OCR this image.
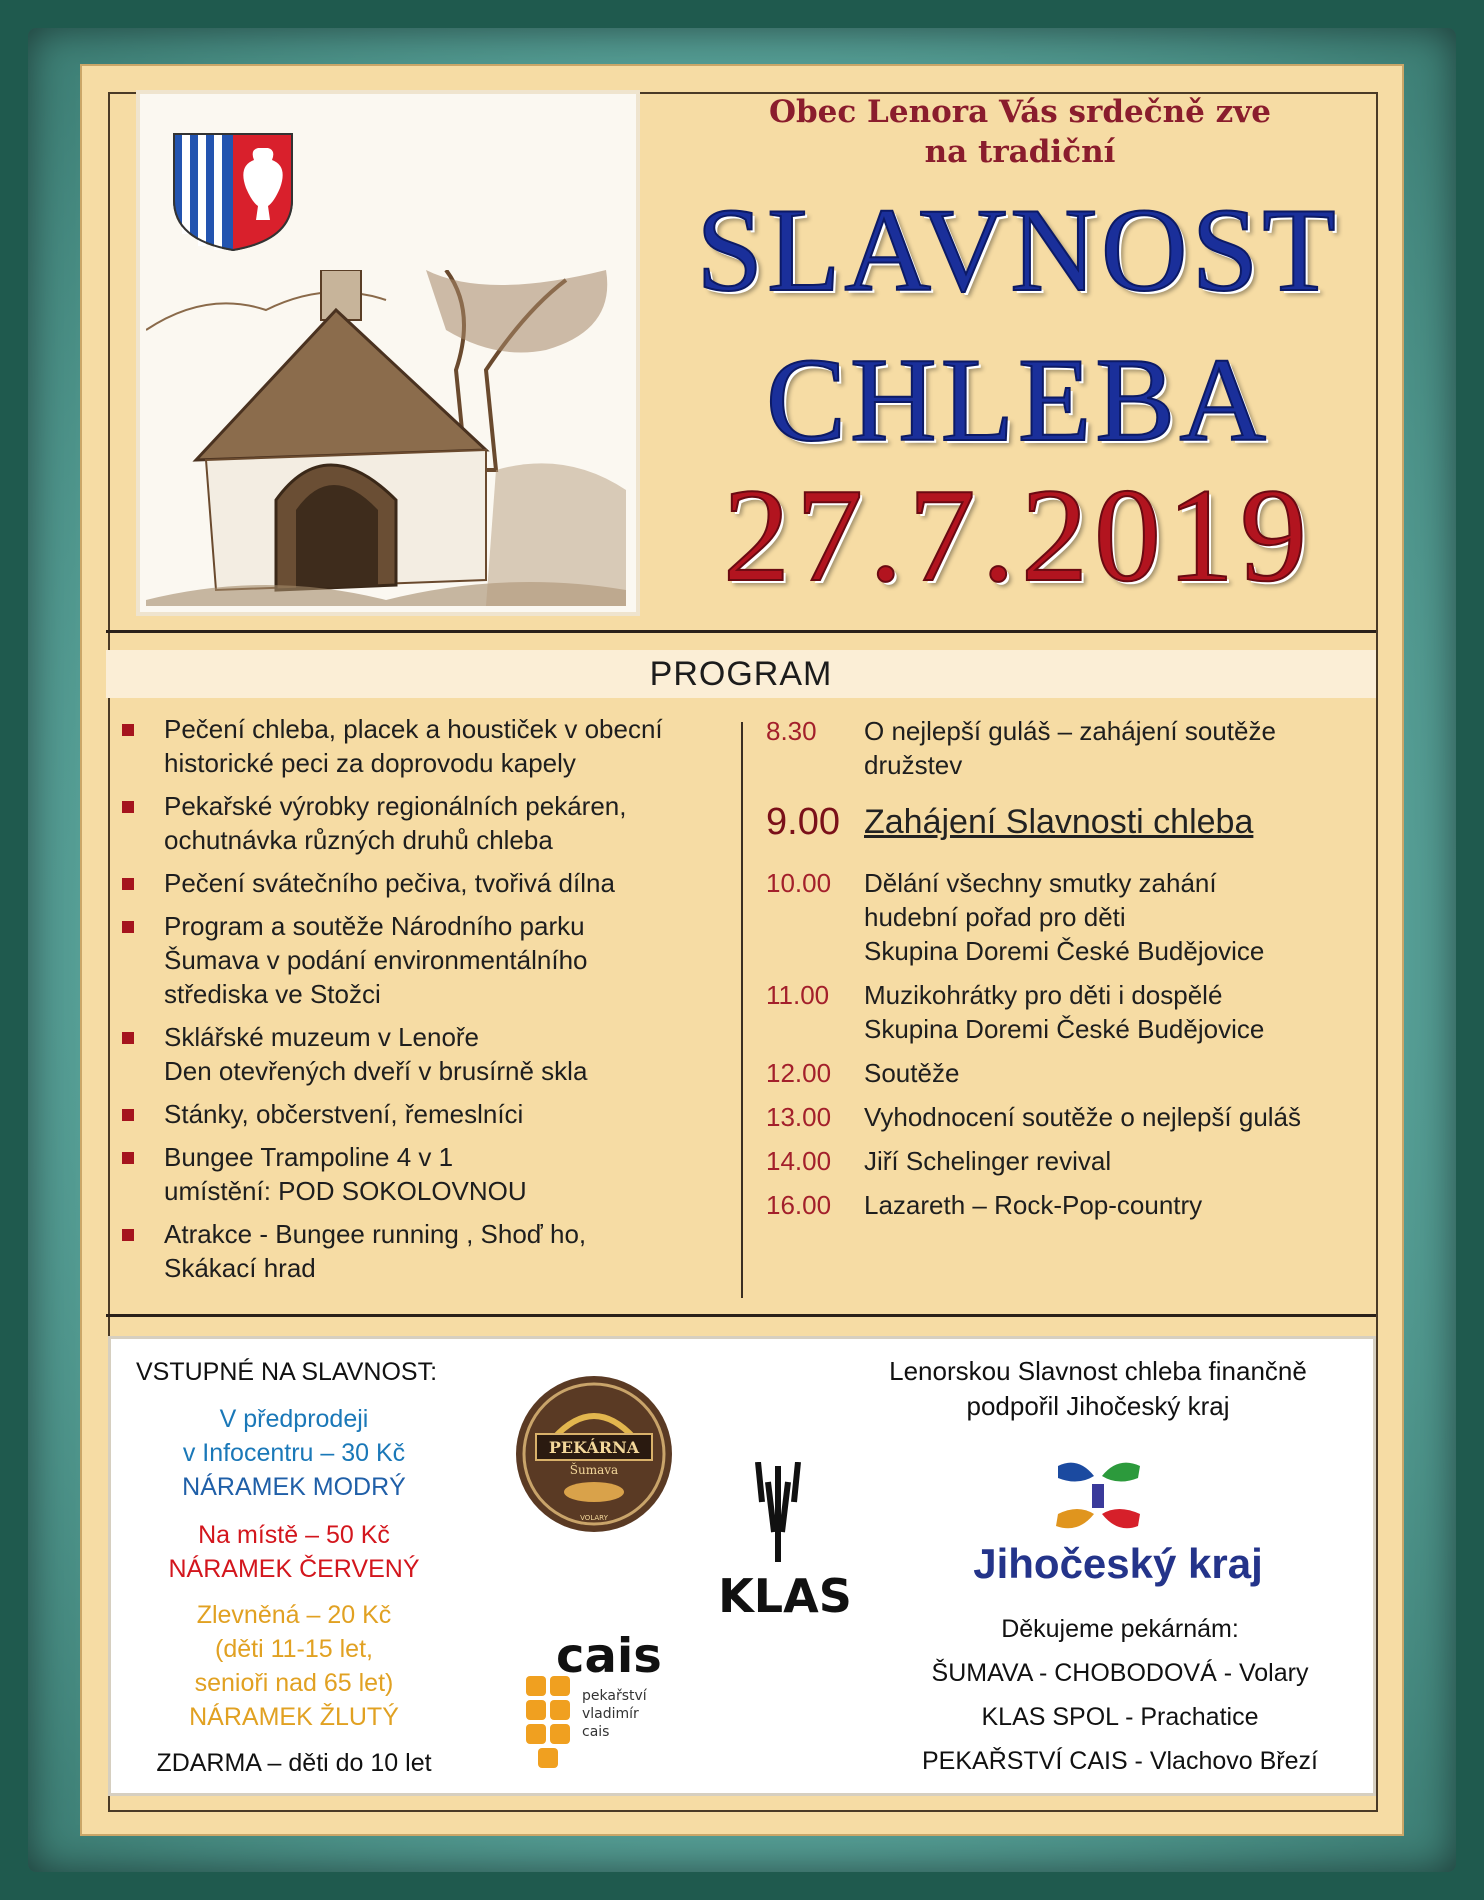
Obec Lenora Vás srdečně zve
na tradiční
SLAVNOST
CHLEBA
27.7.2019
PROGRAM
Pečení chleba, placek a houstiček v obecní
historické peci za doprovodu kapely
Pekařské výrobky regionálních pekáren,
ochutnávka různých druhů chleba
Pečení svátečního pečiva, tvořivá dílna
Program a soutěže Národního parku
Šumava v podání environmentálního
střediska ve Stožci
Sklářské muzeum v Lenoře
Den otevřených dveří v brusírně skla
Stánky, občerstvení, řemeslníci
Bungee Trampoline 4 v 1
umístění: POD SOKOLOVNOU
Atrakce - Bungee running , Shoď ho,
Skákací hrad
8.30	O nejlepší guláš – zahájení soutěže
družstev
9.00 Zahájení Slavnosti chleba
10.00	Dělání všechny smutky zahání
hudební pořad pro děti
Skupina Doremi České Budějovice
11.00	Muzikohrátky pro děti i dospělé
Skupina Doremi České Budějovice
12.00	Soutěže
13.00	Vyhodnocení soutěže o nejlepší guláš
14.00	Jiří Schelinger revival
16.00	Lazareth – Rock-Pop-country
VSTUPNÉ NA SLAVNOST:
V předprodeji
v Infocentru – 30 Kč
NÁRAMEK MODRÝ
Na místě – 50 Kč
NÁRAMEK ČERVENÝ
Zlevněná – 20 Kč
(děti 11-15 let,
senioři nad 65 let)
NÁRAMEK ŽLUTÝ
ZDARMA – děti do 10 let
PEKÁRNA
Šumava
VOLARY
KLAS
cais
pekařství
vladimír
cais
Lenorskou Slavnost chleba finančně
podpořil Jihočeský kraj
Jihočeský kraj
Děkujeme pekárnám:
ŠUMAVA - CHOBODOVÁ - Volary
KLAS SPOL - Prachatice
PEKAŘSTVÍ CAIS - Vlachovo Březí
